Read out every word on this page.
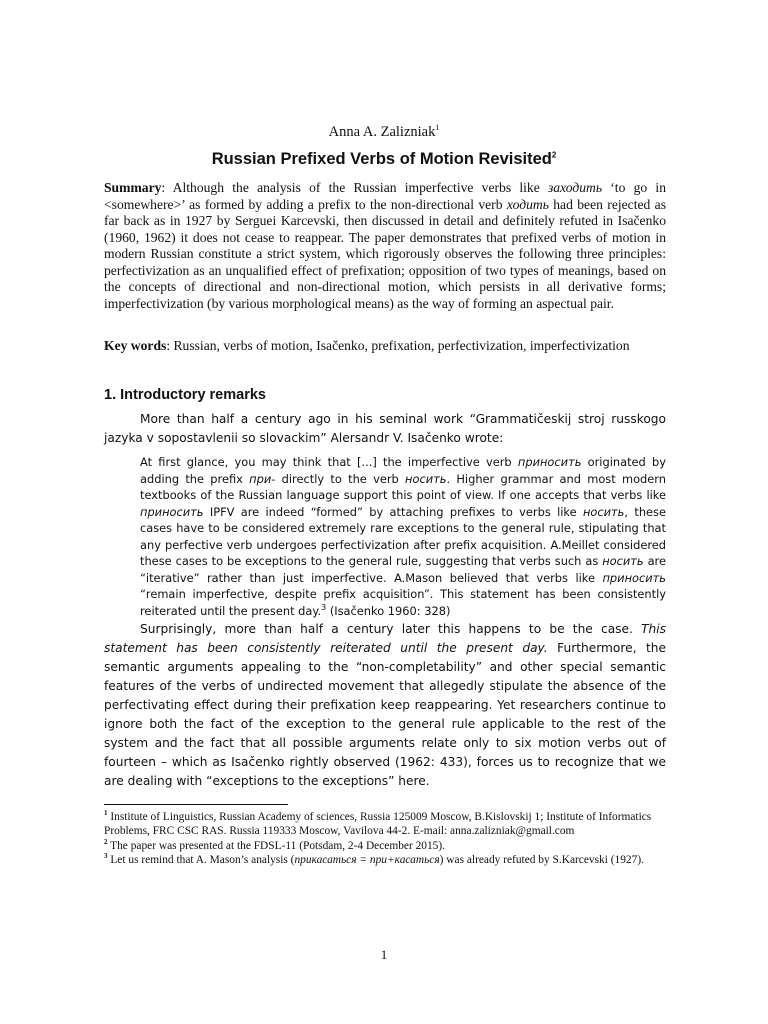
Anna A. Zalizniak$^1$
Russian Prefixed Verbs of Motion Revisited$^2$
Summary: Although the analysis of the Russian imperfective verbs like заходить ‘to go in <somewhere>’ as formed by adding a prefix to the non-directional verb ходить had been rejected as far back as in 1927 by Serguei Karcevski, then discussed in detail and definitely refuted in Isačenko (1960, 1962) it does not cease to reappear. The paper demonstrates that prefixed verbs of motion in modern Russian constitute a strict system, which rigorously observes the following three principles: perfectivization as an unqualified effect of prefixation; opposition of two types of meanings, based on the concepts of directional and non-directional motion, which persists in all derivative forms; imperfectivization (by various morphological means) as the way of forming an aspectual pair.
Key words: Russian, verbs of motion, Isačenko, prefixation, perfectivization, imperfectivization
1. Introductory remarks
More than half a century ago in his seminal work “Grammatičeskij stroj russkogo jazyka v sopostavlenii so slovackim” Alersandr V. Isačenko wrote:
At first glance, you may think that [...] the imperfective verb приносить originated by adding the prefix при- directly to the verb носить. Higher grammar and most modern textbooks of the Russian language support this point of view. If one accepts that verbs like приносить IPFV are indeed “formed” by attaching prefixes to verbs like носить, these cases have to be considered extremely rare exceptions to the general rule, stipulating that any perfective verb undergoes perfectivization after prefix acquisition. A.Meillet considered these cases to be exceptions to the general rule, suggesting that verbs such as носить are “iterative” rather than just imperfective. A.Mason believed that verbs like приносить “remain imperfective, despite prefix acquisition”. This statement has been consistently reiterated until the present day.$^3$ (Isačenko 1960: 328)
Surprisingly, more than half a century later this happens to be the case. This statement has been consistently reiterated until the present day. Furthermore, the semantic arguments appealing to the “non-completability” and other special semantic features of the verbs of undirected movement that allegedly stipulate the absence of the perfectivating effect during their prefixation keep reappearing. Yet researchers continue to ignore both the fact of the exception to the general rule applicable to the rest of the system and the fact that all possible arguments relate only to six motion verbs out of fourteen – which as Isačenko rightly observed (1962: 433), forces us to recognize that we are dealing with “exceptions to the exceptions” here.

$^1$ Institute of Linguistics, Russian Academy of sciences, Russia 125009 Moscow, B.Kislovskij 1; Institute of Informatics Problems, FRC CSC RAS. Russia 119333 Moscow, Vavilova 44-2. E-mail: anna.zalizniak@gmail.com

$^2$ The paper was presented at the FDSL-11 (Potsdam, 2-4 December 2015).

$^3$ Let us remind that A. Mason’s analysis (прикасаться = при+касаться) was already refuted by S.Karcevski (1927).

1
